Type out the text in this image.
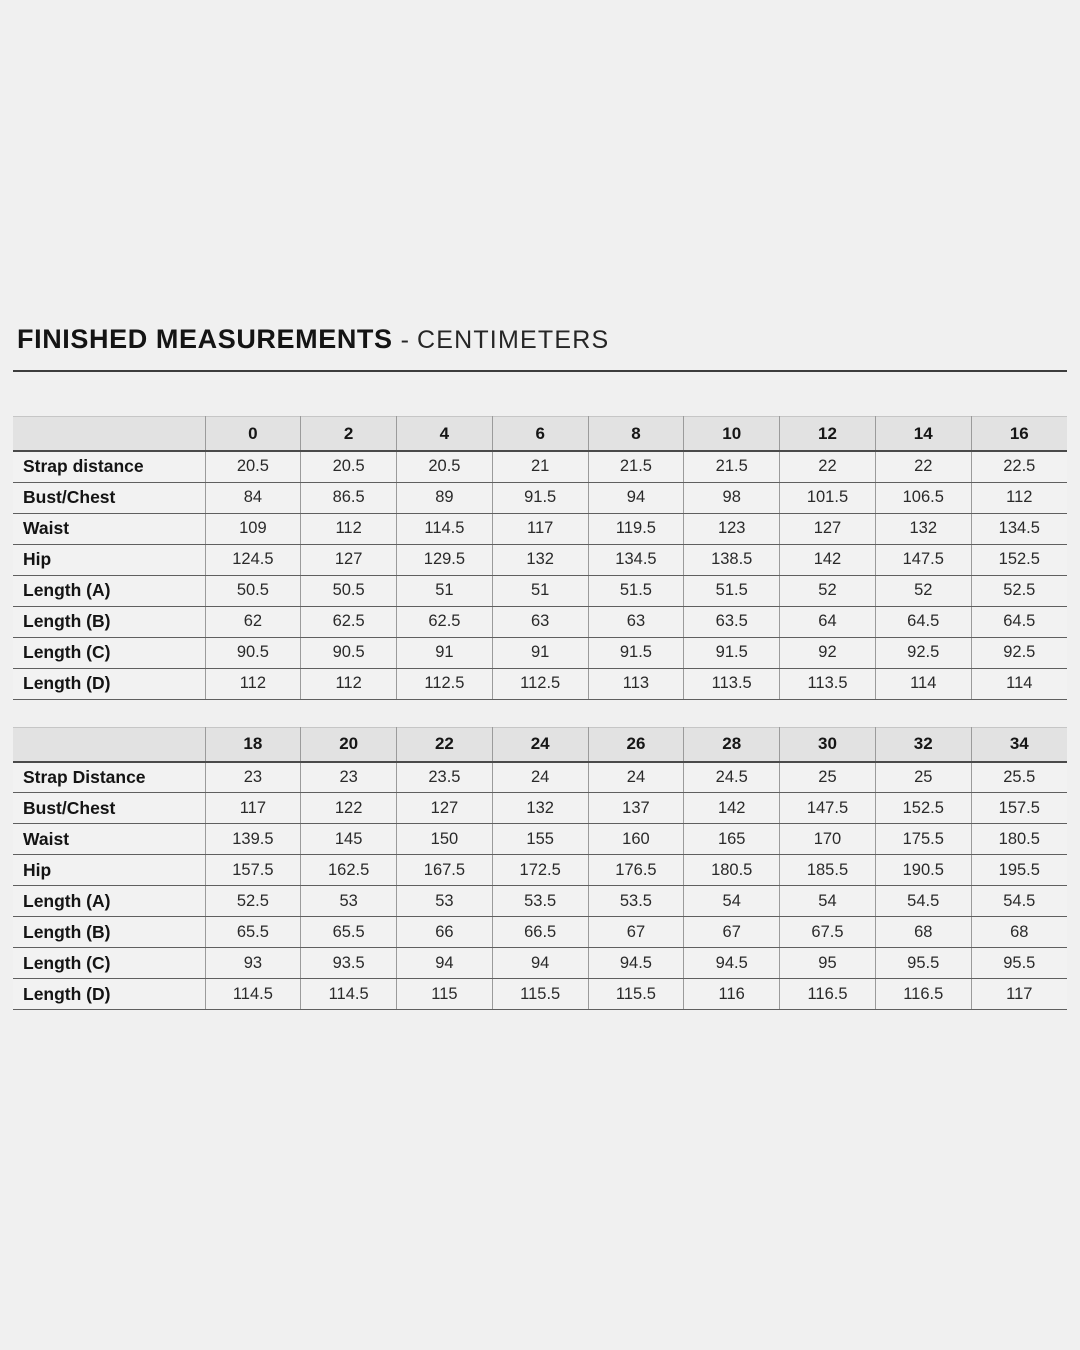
FINISHED MEASUREMENTS - CENTIMETERS
	0	2	4	6	8	10	12	14	16
Strap distance	20.5	20.5	20.5	21	21.5	21.5	22	22	22.5
Bust/Chest	84	86.5	89	91.5	94	98	101.5	106.5	112
Waist	109	112	114.5	117	119.5	123	127	132	134.5
Hip	124.5	127	129.5	132	134.5	138.5	142	147.5	152.5
Length (A)	50.5	50.5	51	51	51.5	51.5	52	52	52.5
Length (B)	62	62.5	62.5	63	63	63.5	64	64.5	64.5
Length (C)	90.5	90.5	91	91	91.5	91.5	92	92.5	92.5
Length (D)	112	112	112.5	112.5	113	113.5	113.5	114	114
	18	20	22	24	26	28	30	32	34
Strap Distance	23	23	23.5	24	24	24.5	25	25	25.5
Bust/Chest	117	122	127	132	137	142	147.5	152.5	157.5
Waist	139.5	145	150	155	160	165	170	175.5	180.5
Hip	157.5	162.5	167.5	172.5	176.5	180.5	185.5	190.5	195.5
Length (A)	52.5	53	53	53.5	53.5	54	54	54.5	54.5
Length (B)	65.5	65.5	66	66.5	67	67	67.5	68	68
Length (C)	93	93.5	94	94	94.5	94.5	95	95.5	95.5
Length (D)	114.5	114.5	115	115.5	115.5	116	116.5	116.5	117
